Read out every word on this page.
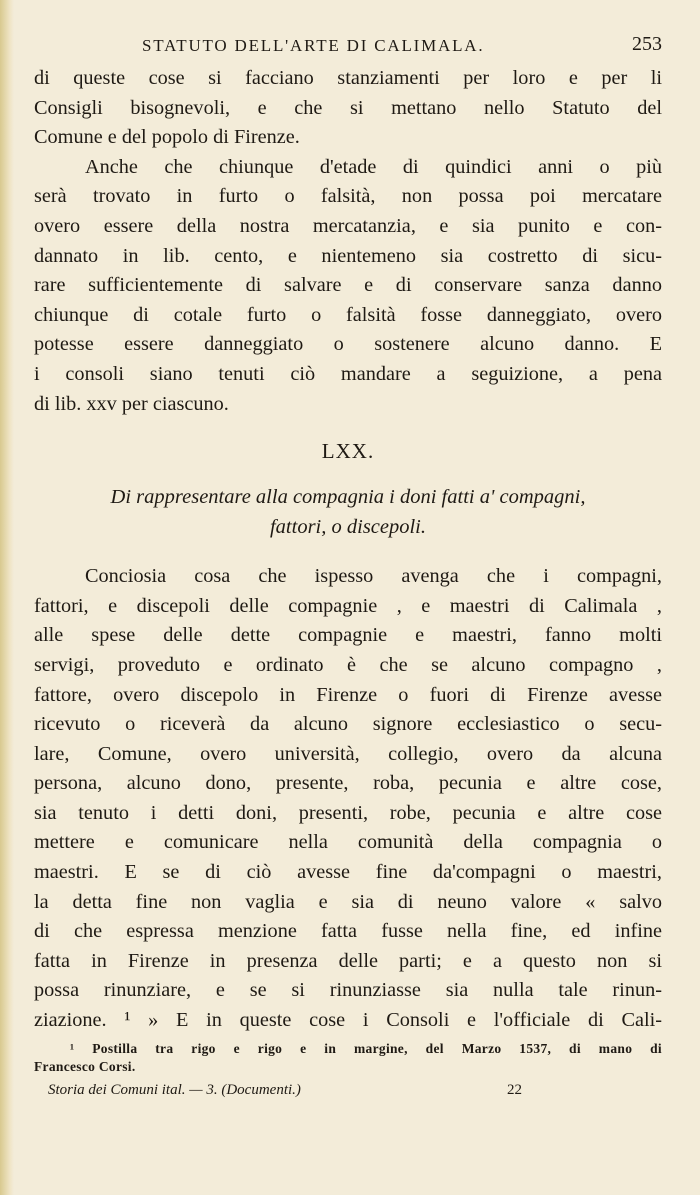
STATUTO DELL'ARTE DI CALIMALA.	253

di queste cose si facciano stanziamenti per loro e per li
Consigli bisognevoli, e che si mettano nello Statuto del
Comune e del popolo di Firenze.

Anche che chiunque d'etade di quindici anni o più
serà trovato in furto o falsità, non possa poi mercatare
overo essere della nostra mercatanzia, e sia punito e con-
dannato in lib. cento, e nientemeno sia costretto di sicu-
rare sufficientemente di salvare e di conservare sanza danno
chiunque di cotale furto o falsità fosse danneggiato, overo
potesse essere danneggiato o sostenere alcuno danno. E
i consoli siano tenuti ciò mandare a seguizione, a pena
di lib. xxv per ciascuno.

LXX.
Di rappresentare alla compagnia i doni fatti a' compagni,
fattori, o discepoli.

Conciosia cosa che ispesso avenga che i compagni,
fattori, e discepoli delle compagnie , e maestri di Calimala ,
alle spese delle dette compagnie e maestri, fanno molti
servigi, proveduto e ordinato è che se alcuno compagno ,
fattore, overo discepolo in Firenze o fuori di Firenze avesse
ricevuto o riceverà da alcuno signore ecclesiastico o secu-
lare, Comune, overo università, collegio, overo da alcuna
persona, alcuno dono, presente, roba, pecunia e altre cose,
sia tenuto i detti doni, presenti, robe, pecunia e altre cose
mettere e comunicare nella comunità della compagnia o
maestri. E se di ciò avesse fine da'compagni o maestri,
la detta fine non vaglia e sia di neuno valore « salvo
di che espressa menzione fatta fusse nella fine, ed infine
fatta in Firenze in presenza delle parti; e a questo non si
possa rinunziare, e se si rinunziasse sia nulla tale rinun-
ziazione. ¹ » E in queste cose i Consoli e l'officiale di Cali-

¹ Postilla tra rigo e rigo e in margine, del Marzo 1537, di mano di
Francesco Corsi.
Storia dei Comuni ital. — 3. (Documenti.)	22
